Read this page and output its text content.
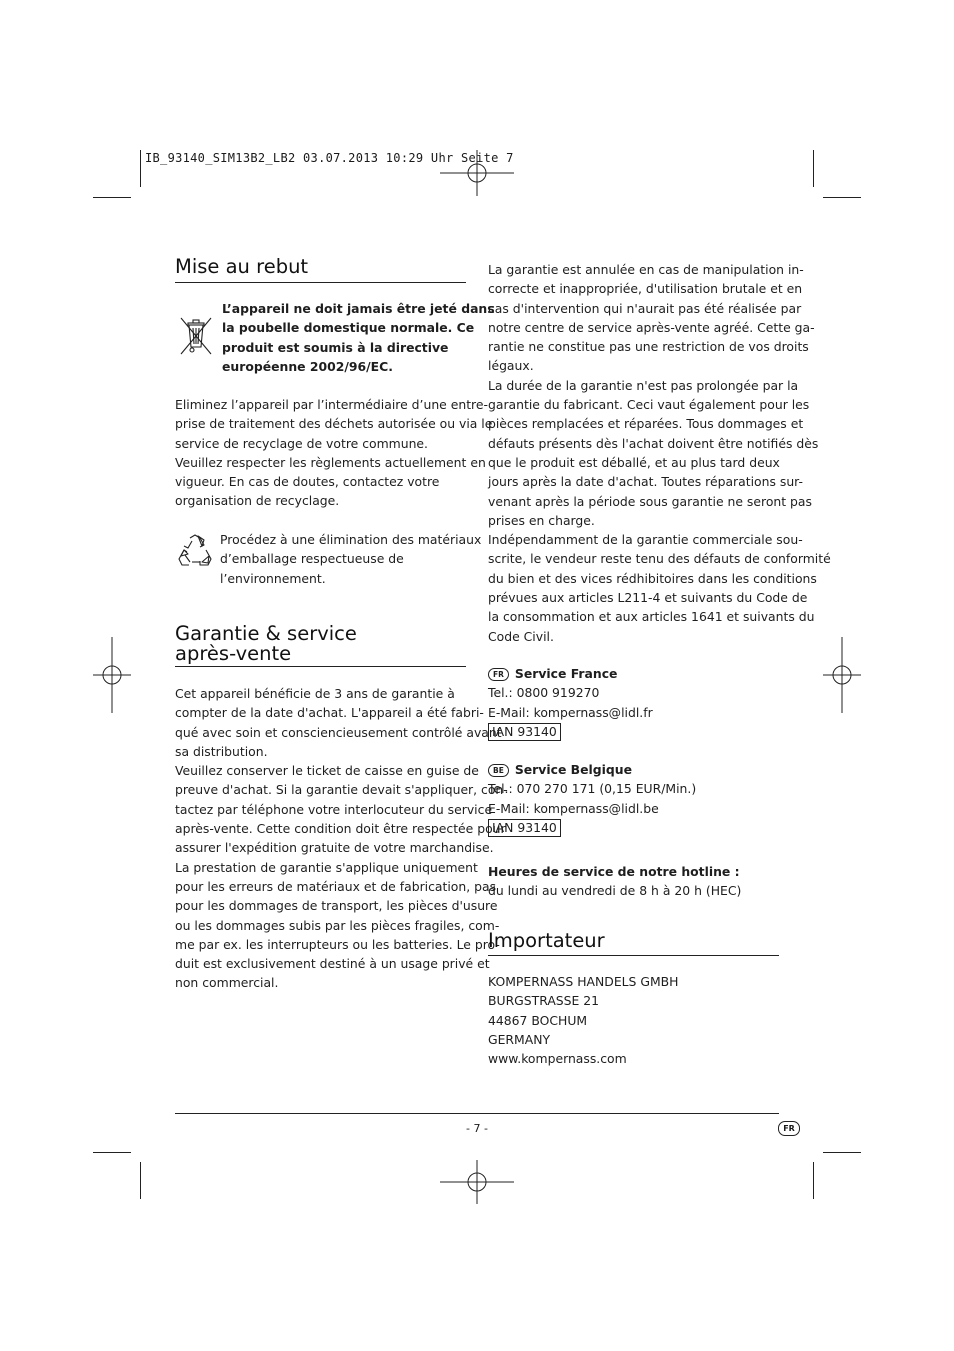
IB_93140_SIM13B2_LB2 03.07.2013 10:29 Uhr Seite 7
Mise au rebut
L’appareil ne doit jamais être jeté dans
la poubelle domestique normale. Ce
produit est soumis à la directive
européenne 2002/96/EC.
Eliminez l’appareil par l’intermédiaire d’une entre-
prise de traitement des déchets autorisée ou via le
service de recyclage de votre commune.
Veuillez respecter les règlements actuellement en
vigueur. En cas de doutes, contactez votre
organisation de recyclage.
Procédez à une élimination des matériaux
d’emballage respectueuse de
l’environnement.
Garantie & service
après-vente
Cet appareil bénéficie de 3 ans de garantie à
compter de la date d'achat. L'appareil a été fabri-
qué avec soin et consciencieusement contrôlé avant
sa distribution.
Veuillez conserver le ticket de caisse en guise de
preuve d'achat. Si la garantie devait s'appliquer, con-
tactez par téléphone votre interlocuteur du service
après-vente. Cette condition doit être respectée pour
assurer l'expédition gratuite de votre marchandise.
La prestation de garantie s'applique uniquement
pour les erreurs de matériaux et de fabrication, pas
pour les dommages de transport, les pièces d'usure
ou les dommages subis par les pièces fragiles, com-
me par ex. les interrupteurs ou les batteries. Le pro-
duit est exclusivement destiné à un usage privé et
non commercial.
La garantie est annulée en cas de manipulation in-
correcte et inappropriée, d'utilisation brutale et en
cas d'intervention qui n'aurait pas été réalisée par
notre centre de service après-vente agréé. Cette ga-
rantie ne constitue pas une restriction de vos droits
légaux.
La durée de la garantie n'est pas prolongée par la
garantie du fabricant. Ceci vaut également pour les
pièces remplacées et réparées. Tous dommages et
défauts présents dès l'achat doivent être notifiés dès
que le produit est déballé, et au plus tard deux
jours après la date d'achat. Toutes réparations sur-
venant après la période sous garantie ne seront pas
prises en charge.
Indépendamment de la garantie commerciale sou-
scrite, le vendeur reste tenu des défauts de conformité
du bien et des vices rédhibitoires dans les conditions
prévues aux articles L211-4 et suivants du Code de
la consommation et aux articles 1641 et suivants du
Code Civil.
FR Service France
Tel.: 0800 919270
E-Mail: kompernass@lidl.fr
IAN 93140
BE Service Belgique
Tel.: 070 270 171 (0,15 EUR/Min.)
E-Mail: kompernass@lidl.be
IAN 93140
Heures de service de notre hotline :
du lundi au vendredi de 8 h à 20 h (HEC)
Importateur
KOMPERNASS HANDELS GMBH
BURGSTRASSE 21
44867 BOCHUM
GERMANY
www.kompernass.com
- 7 -	FR
